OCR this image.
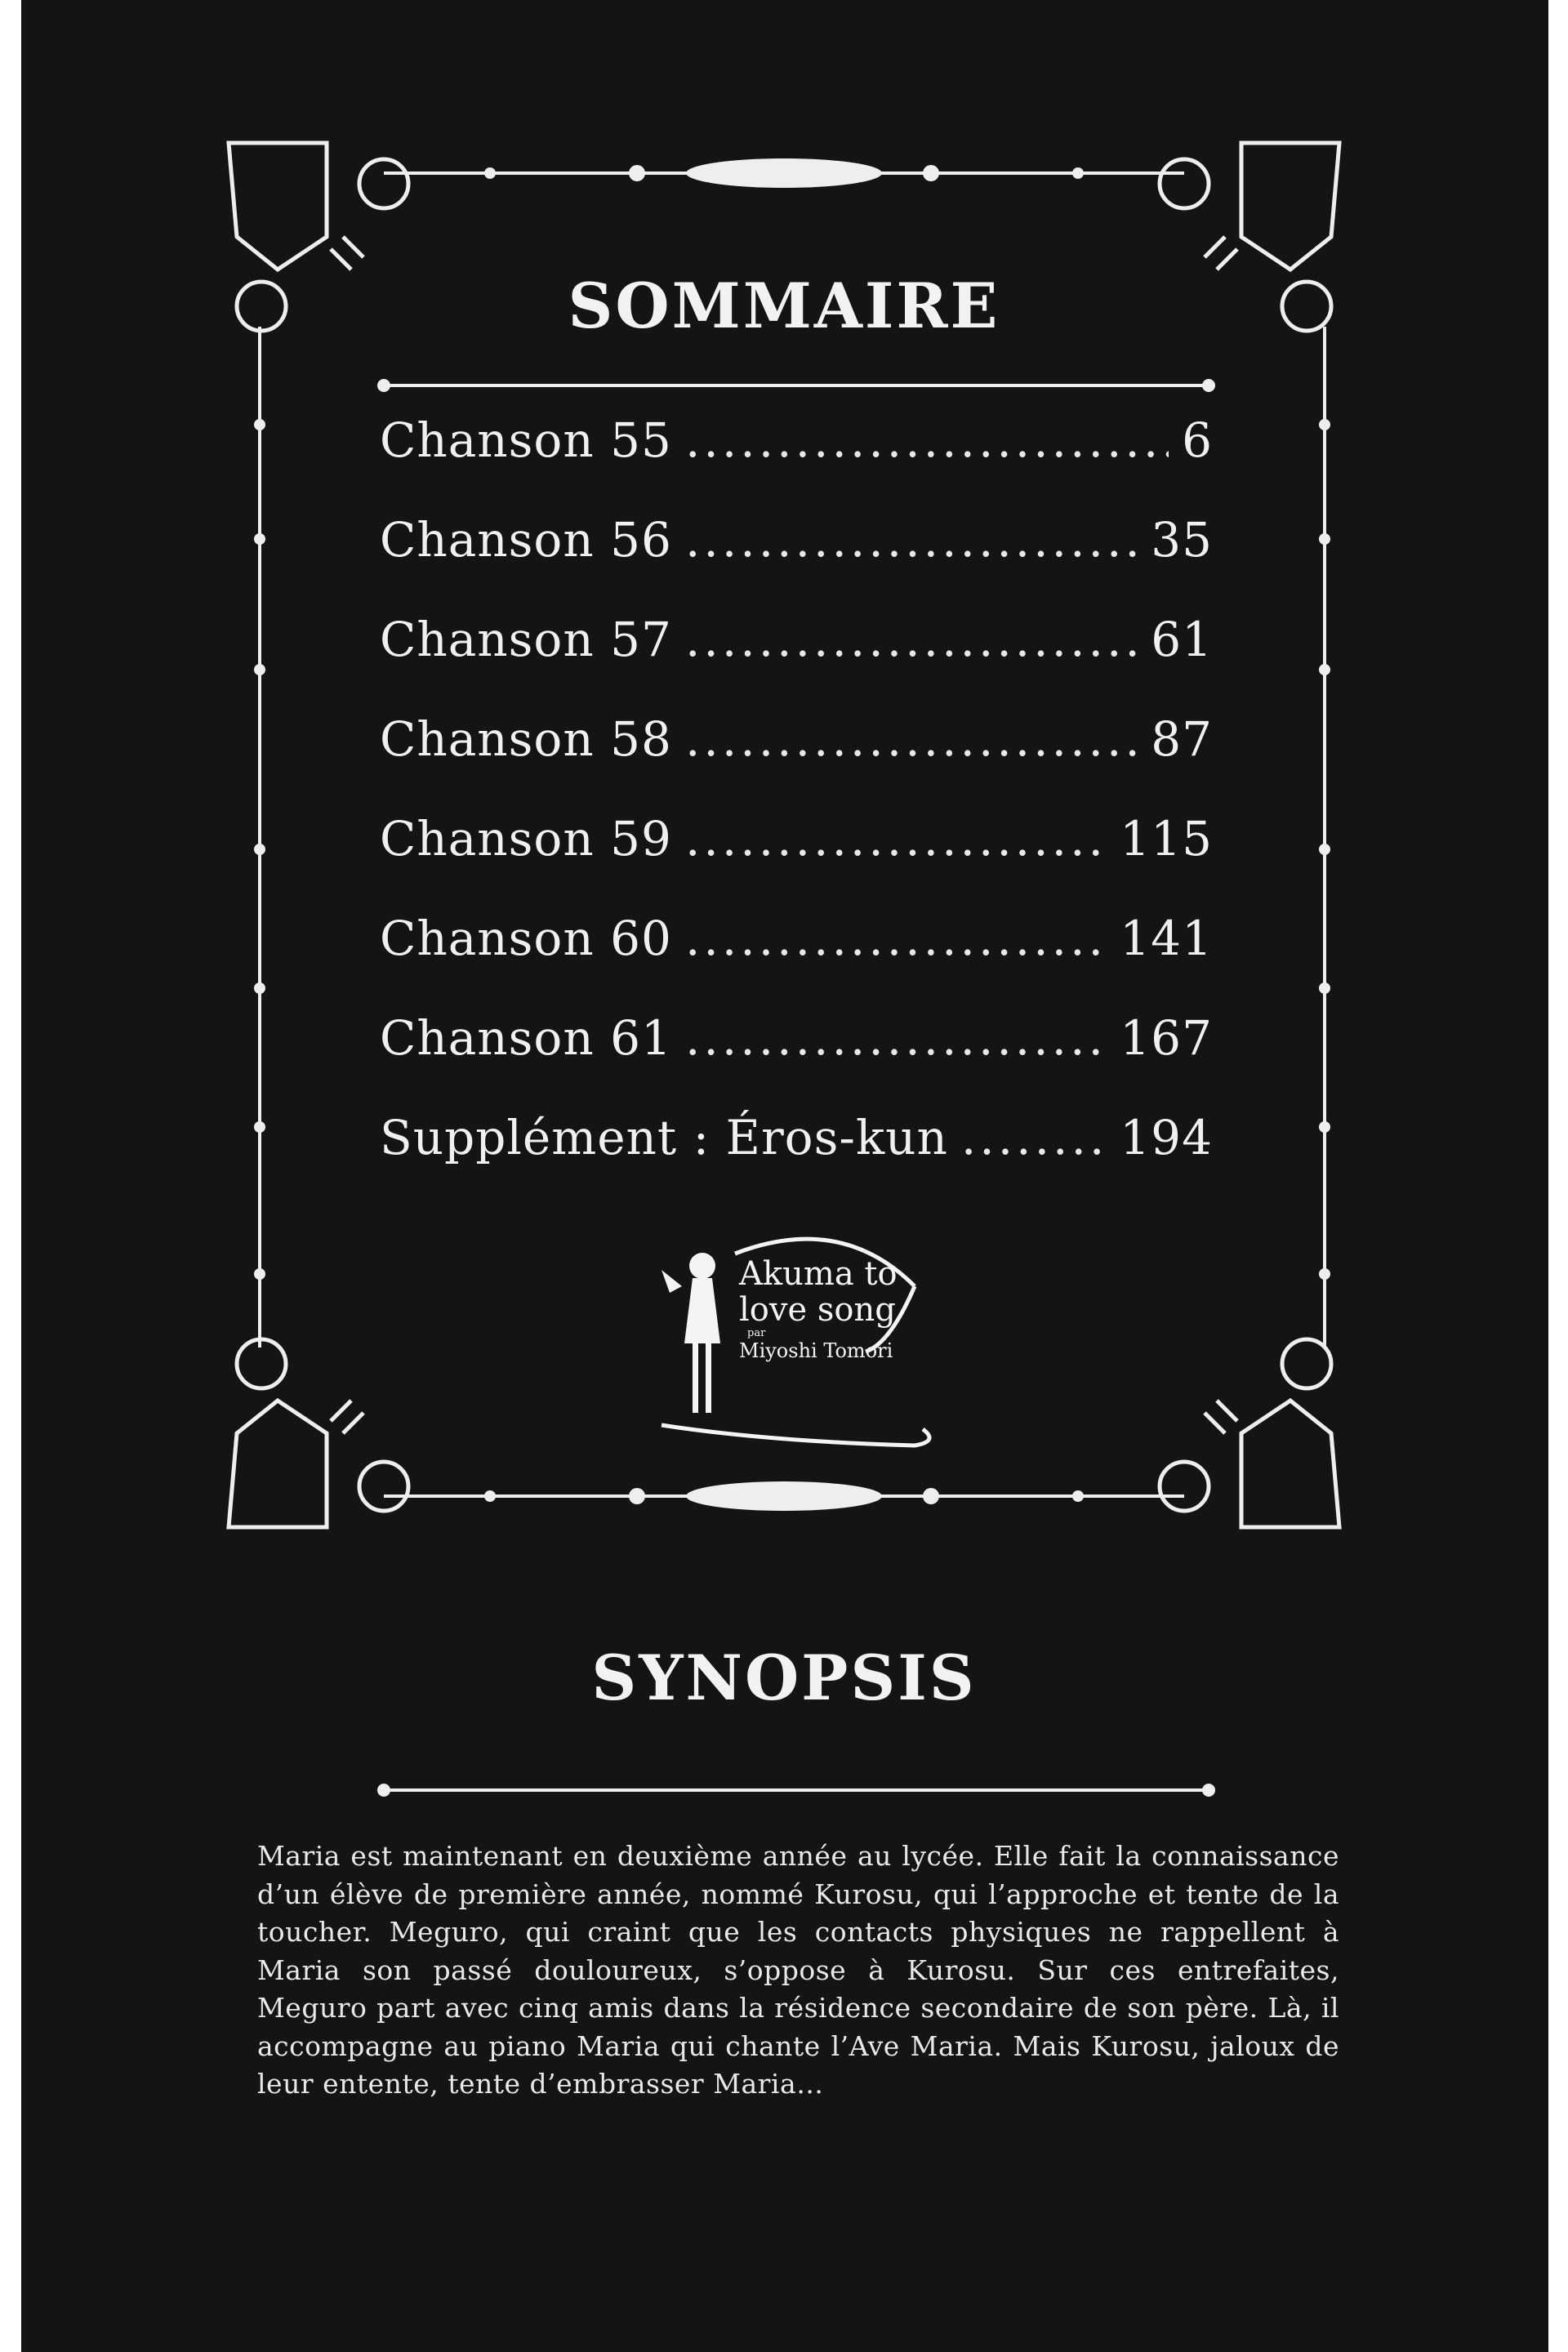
SOMMAIRE
Chanson 55 .....	6
Chanson 56 .....	35
Chanson 57 .....	61
Chanson 58 .....	87
Chanson 59 .....	115
Chanson 60 .....	141
Chanson 61 .....	167
Supplément : Éros-kun .....	194
Akuma to
love song
par
Miyoshi Tomori
SYNOPSIS
Maria est maintenant en deuxième année au lycée. Elle fait la connaissance d’un élève de première année, nommé Kurosu, qui l’approche et tente de la toucher. Meguro, qui craint que les contacts physiques ne rappellent à Maria son passé douloureux, s’oppose à Kurosu. Sur ces entrefaites, Meguro part avec cinq amis dans la résidence secondaire de son père. Là, il accompagne au piano Maria qui chante l’Ave Maria. Mais Kurosu, jaloux de leur entente, tente d’embrasser Maria…
